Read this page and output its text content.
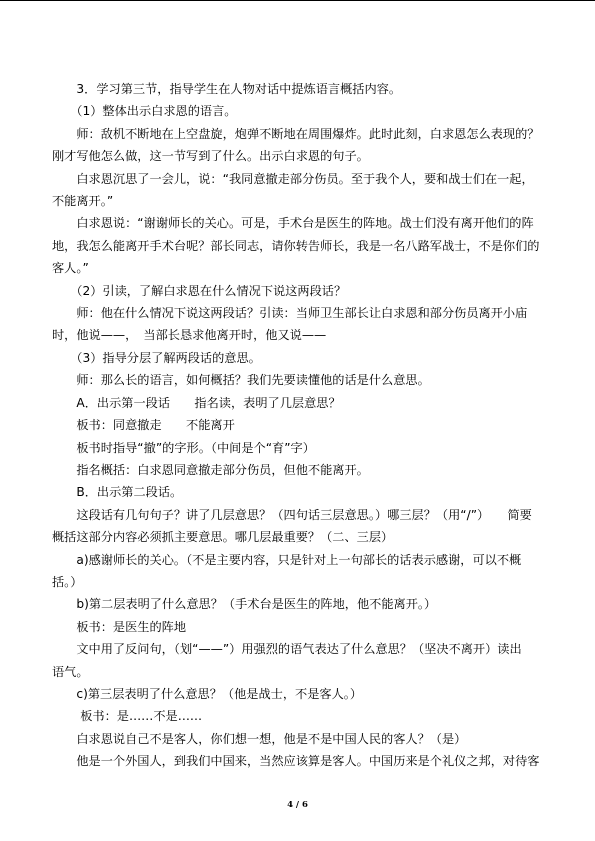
　　3．学习第三节，指导学生在人物对话中提炼语言概括内容。

　　（1）整体出示白求恩的语言。

　　师：敌机不断地在上空盘旋，炮弹不断地在周围爆炸。此时此刻，白求恩怎么表现的？

刚才写他怎么做，这一节写到了什么。出示白求恩的句子。

　　白求恩沉思了一会儿，说：“我同意撤走部分伤员。至于我个人，要和战士们在一起，

不能离开。”

　　白求恩说：“谢谢师长的关心。可是，手术台是医生的阵地。战士们没有离开他们的阵

地，我怎么能离开手术台呢？部长同志，请你转告师长，我是一名八路军战士，不是你们的

客人。”

　　（2）引读，了解白求恩在什么情况下说这两段话？

　　师：他在什么情况下说这两段话？引读：当师卫生部长让白求恩和部分伤员离开小庙

时，他说——，　当部长恳求他离开时，他又说——

　　（3）指导分层了解两段话的意思。

　　师：那么长的语言，如何概括？我们先要读懂他的话是什么意思。

　　A．出示第一段话　　指名读，表明了几层意思？

　　板书：同意撤走　　不能离开

　　板书时指导“撤”的字形。（中间是个“育”字）

　　指名概括：白求恩同意撤走部分伤员，但他不能离开。

　　B．出示第二段话。

　　这段话有几句句子？讲了几层意思？（四句话三层意思。）哪三层？（用“/”）　　简要

概括这部分内容必须抓主要意思。哪几层最重要？（二、三层）

　　a)感谢师长的关心。（不是主要内容，只是针对上一句部长的话表示感谢，可以不概

括。）

　　b)第二层表明了什么意思？（手术台是医生的阵地，他不能离开。）

　　板书：是医生的阵地

　　文中用了反问句，（划“——”）用强烈的语气表达了什么意思？（坚决不离开）读出

语气。

　　c)第三层表明了什么意思？（他是战士，不是客人。）

　　 板书：是……不是……

　　白求恩说自己不是客人，你们想一想，他是不是中国人民的客人？（是）

　　他是一个外国人，到我们中国来，当然应该算是客人。中国历来是个礼仪之邦，对待客

4 / 6
